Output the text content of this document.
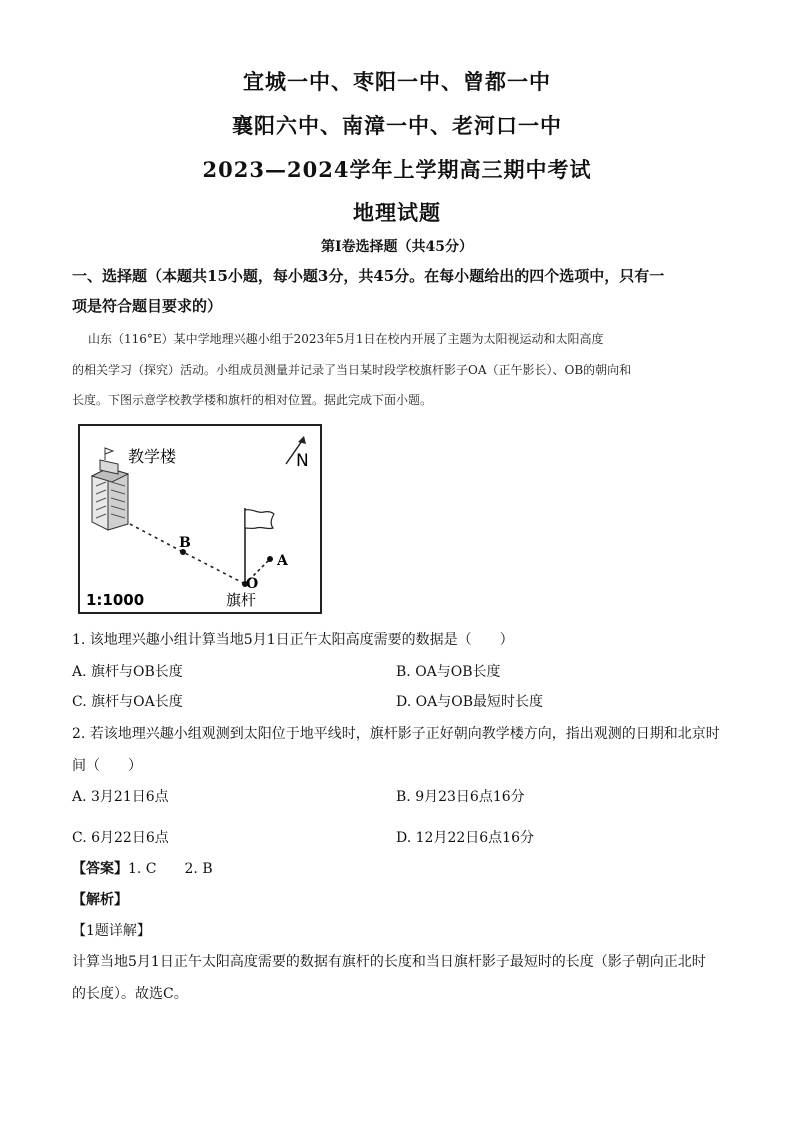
宜城一中、枣阳一中、曾都一中
襄阳六中、南漳一中、老河口一中
2023—2024学年上学期高三期中考试
地理试题
第Ⅰ卷选择题（共45分）
一、选择题（本题共15小题，每小题3分，共45分。在每小题给出的四个选项中，只有一
项是符合题目要求的）
山东（116°E）某中学地理兴趣小组于2023年5月1日在校内开展了主题为太阳视运动和太阳高度
的相关学习（探究）活动。小组成员测量并记录了当日某时段学校旗杆影子OA（正午影长）、OB的朝向和
长度。下图示意学校教学楼和旗杆的相对位置。据此完成下面小题。
教学楼	N
B
A
O
旗杆
1:1000
1. 该地理兴趣小组计算当地5月1日正午太阳高度需要的数据是（　　）
A. 旗杆与OB长度	B. OA与OB长度
C. 旗杆与OA长度	D. OA与OB最短时长度
2. 若该地理兴趣小组观测到太阳位于地平线时，旗杆影子正好朝向教学楼方向，指出观测的日期和北京时
间（　　）
A. 3月21日6点	B. 9月23日6点16分
C. 6月22日6点	D. 12月22日6点16分
【答案】1. C　　2. B
【解析】
【1题详解】
计算当地5月1日正午太阳高度需要的数据有旗杆的长度和当日旗杆影子最短时的长度（影子朝向正北时
的长度）。故选C。
